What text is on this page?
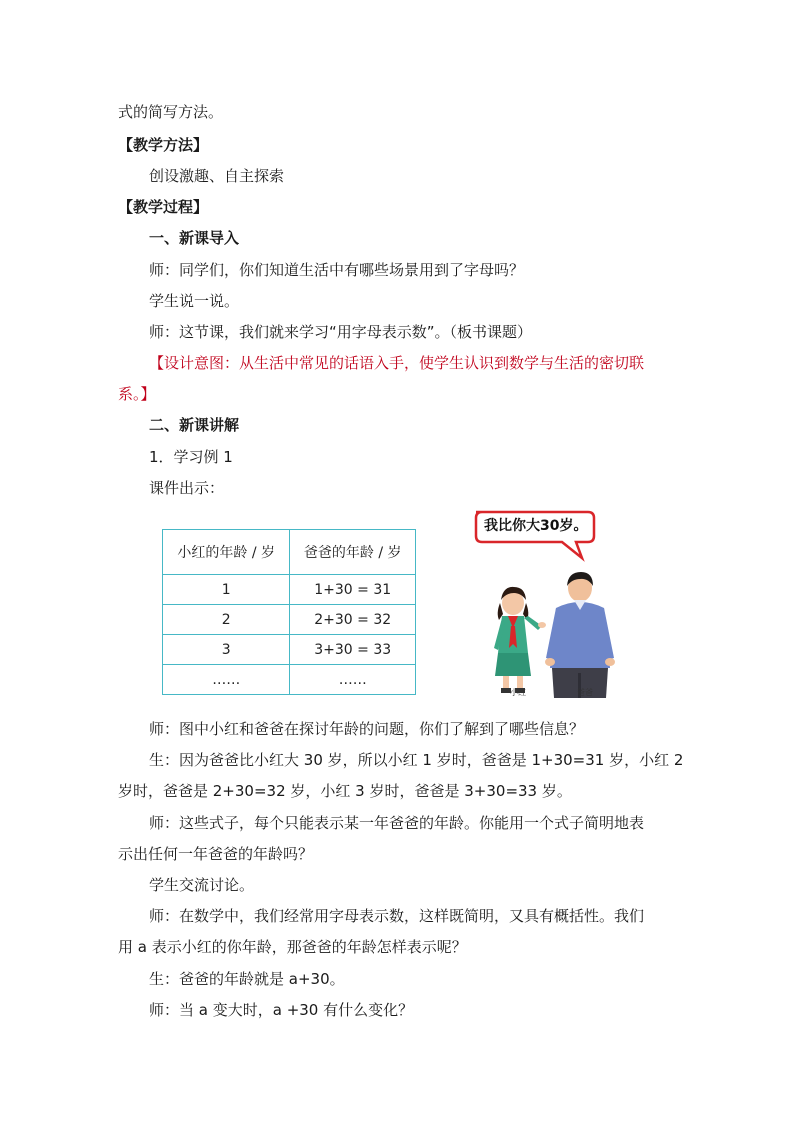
式的简写方法。
【教学方法】
创设激趣、自主探索
【教学过程】
一、新课导入
师：同学们，你们知道生活中有哪些场景用到了字母吗？
学生说一说。
师：这节课，我们就来学习“用字母表示数”。（板书课题）
【设计意图：从生活中常见的话语入手，使学生认识到数学与生活的密切联
系。】
二、新课讲解
1．学习例 1
课件出示：
小红的年龄 / 岁	爸爸的年龄 / 岁
1	1+30 = 31
2	2+30 = 32
3	3+30 = 33
……	……
我比你大30岁。
小红	爸爸
师：图中小红和爸爸在探讨年龄的问题，你们了解到了哪些信息？
生：因为爸爸比小红大 30 岁，所以小红 1 岁时，爸爸是 1+30=31 岁，小红 2
岁时，爸爸是 2+30=32 岁，小红 3 岁时，爸爸是 3+30=33 岁。
师：这些式子，每个只能表示某一年爸爸的年龄。你能用一个式子简明地表
示出任何一年爸爸的年龄吗？
学生交流讨论。
师：在数学中，我们经常用字母表示数，这样既简明，又具有概括性。我们
用 a 表示小红的你年龄，那爸爸的年龄怎样表示呢？
生：爸爸的年龄就是 a+30。
师：当 a 变大时，a +30 有什么变化？
